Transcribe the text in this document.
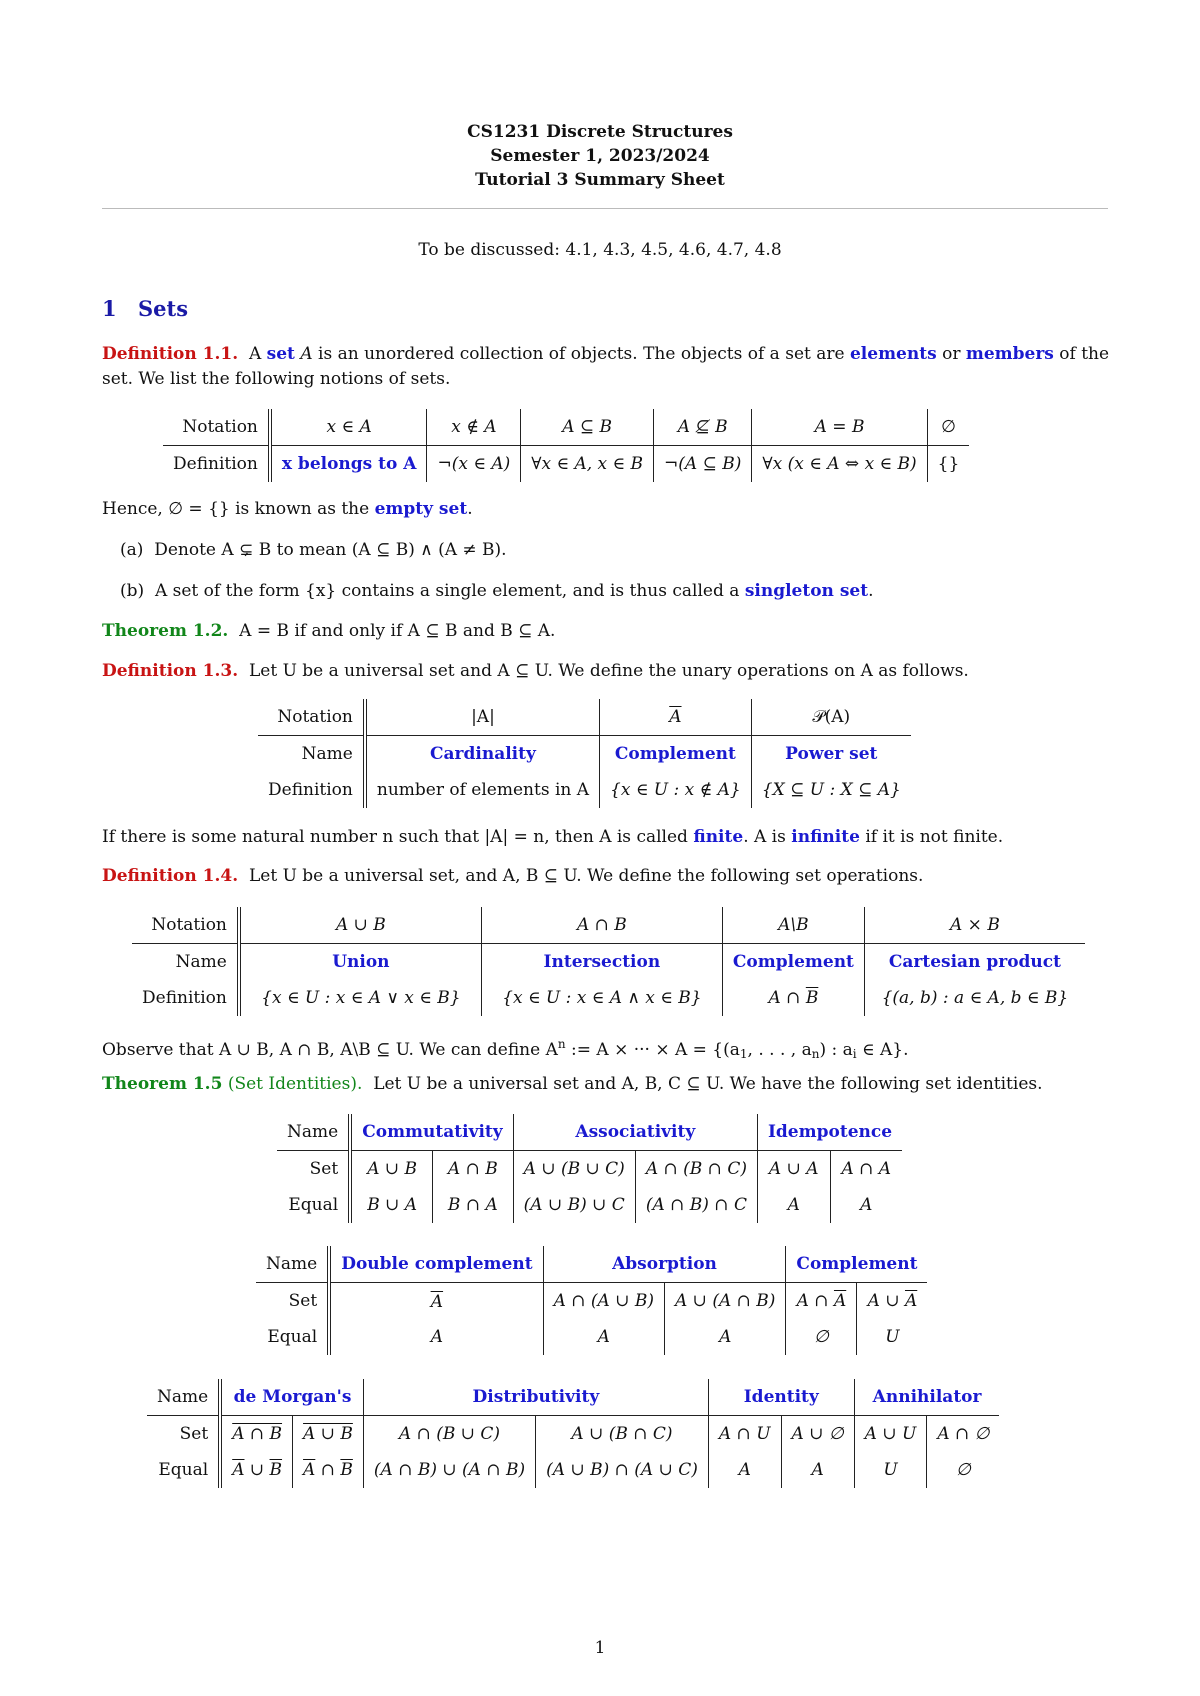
CS1231 Discrete Structures
Semester 1, 2023/2024
Tutorial 3 Summary Sheet
To be discussed: 4.1, 4.3, 4.5, 4.6, 4.7, 4.8
1 Sets
Definition 1.1. A set A is an unordered collection of objects. The objects of a set are elements or members of the set. We list the following notions of sets.
Notation	x ∈ A	x ∉ A	A ⊆ B	A ⊈ B	A = B	∅
Definition	x belongs to A	¬(x ∈ A)	∀x ∈ A, x ∈ B	¬(A ⊆ B)	∀x (x ∈ A ⇔ x ∈ B)	{}
Hence, ∅ = {} is known as the empty set.
(a) Denote A ⊊ B to mean (A ⊆ B) ∧ (A ≠ B).
(b) A set of the form {x} contains a single element, and is thus called a singleton set.
Theorem 1.2. A = B if and only if A ⊆ B and B ⊆ A.
Definition 1.3. Let U be a universal set and A ⊆ U. We define the unary operations on A as follows.
Notation	|A|	$\overline{A}$	𝒫(A)
Name	Cardinality	Complement	Power set
Definition	number of elements in A	{x ∈ U : x ∉ A}	{X ⊆ U : X ⊆ A}
If there is some natural number n such that |A| = n, then A is called finite. A is infinite if it is not finite.
Definition 1.4. Let U be a universal set, and A, B ⊆ U. We define the following set operations.
Notation	A ∪ B	A ∩ B	A\B	A × B
Name	Union	Intersection	Complement	Cartesian product
Definition	{x ∈ U : x ∈ A ∨ x ∈ B}	{x ∈ U : x ∈ A ∧ x ∈ B}	A ∩ $\overline{B}$	{(a, b) : a ∈ A, b ∈ B}
Observe that A ∪ B, A ∩ B, A\B ⊆ U. We can define $A^n$ := A × ··· × $A = \{(a_1$, . . . , $a_n$) : $a_i$ ∈ A}.
Theorem 1.5 (Set Identities). Let U be a universal set and A, B, C ⊆ U. We have the following set identities.
Name	Commutativity		Associativity		Idempotence	
Set	A ∪ B	A ∩ B	A ∪ (B ∪ C)	A ∩ (B ∩ C)	A ∪ A	A ∩ A
Equal	B ∪ A	B ∩ A	(A ∪ B) ∪ C	(A ∩ B) ∩ C	A	A
Name	Double complement	Absorption		Complement	
Set	A	A ∩ (A ∪ B)	A ∪ (A ∩ B)	A ∩ $\overline{A}$	A ∪ $\overline{A}$
Equal	A	A	A	∅	U
Name	de Morgan's		Distributivity		Identity		Annihilator	
Set	A ∩ B	A ∪ B	A ∩ (B ∪ C)	A ∪ (B ∩ C)	A ∩ U	A ∪ ∅	A ∪ U	A ∩ ∅
Equal	$\overline{A}$ ∪ $\overline{B}$	$\overline{A}$ ∩ $\overline{B}$	(A ∩ B) ∪ (A ∩ B)	(A ∪ B) ∩ (A ∪ C)	A	A	U	∅
1
